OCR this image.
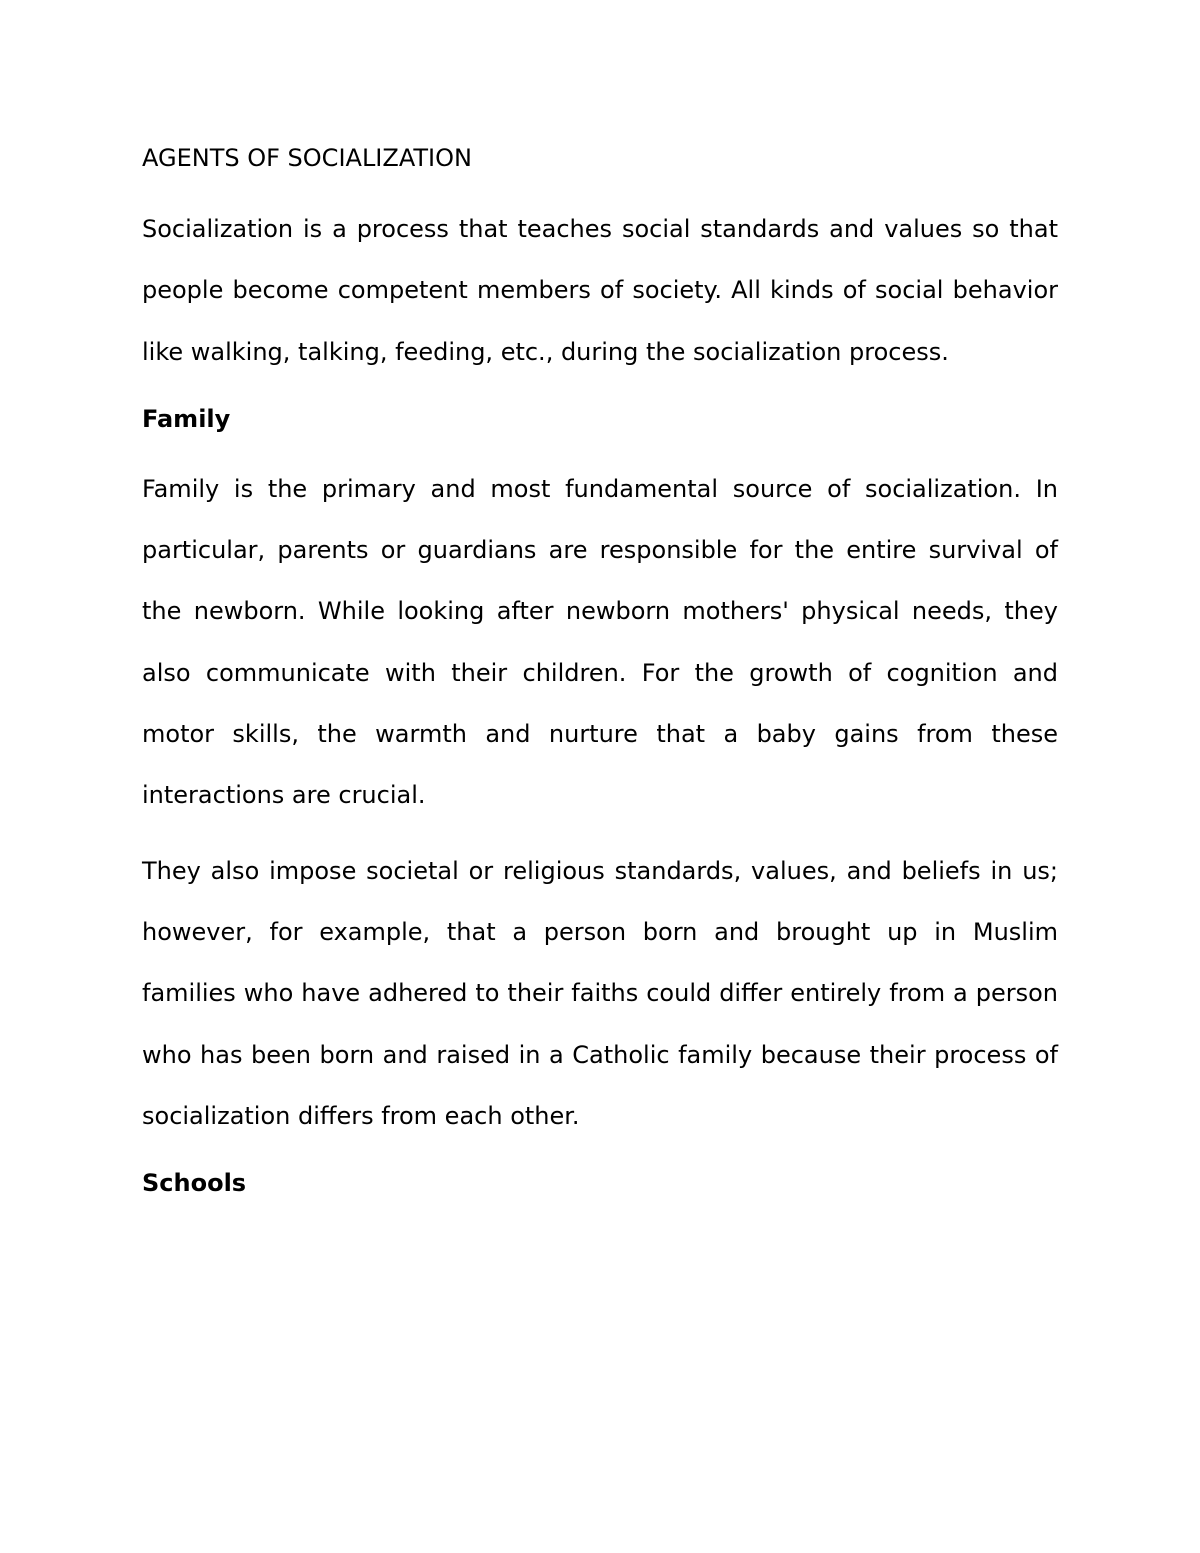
AGENTS OF SOCIALIZATION

Socialization is a process that teaches social standards and values so that people become competent members of society. All kinds of social behavior like walking, talking, feeding, etc., during the socialization process.

Family

Family is the primary and most fundamental source of socialization. In particular, parents or guardians are responsible for the entire survival of the newborn. While looking after newborn mothers' physical needs, they also communicate with their children. For the growth of cognition and motor skills, the warmth and nurture that a baby gains from these interactions are crucial.

They also impose societal or religious standards, values, and beliefs in us; however, for example, that a person born and brought up in Muslim families who have adhered to their faiths could differ entirely from a person who has been born and raised in a Catholic family because their process of socialization differs from each other.

Schools
